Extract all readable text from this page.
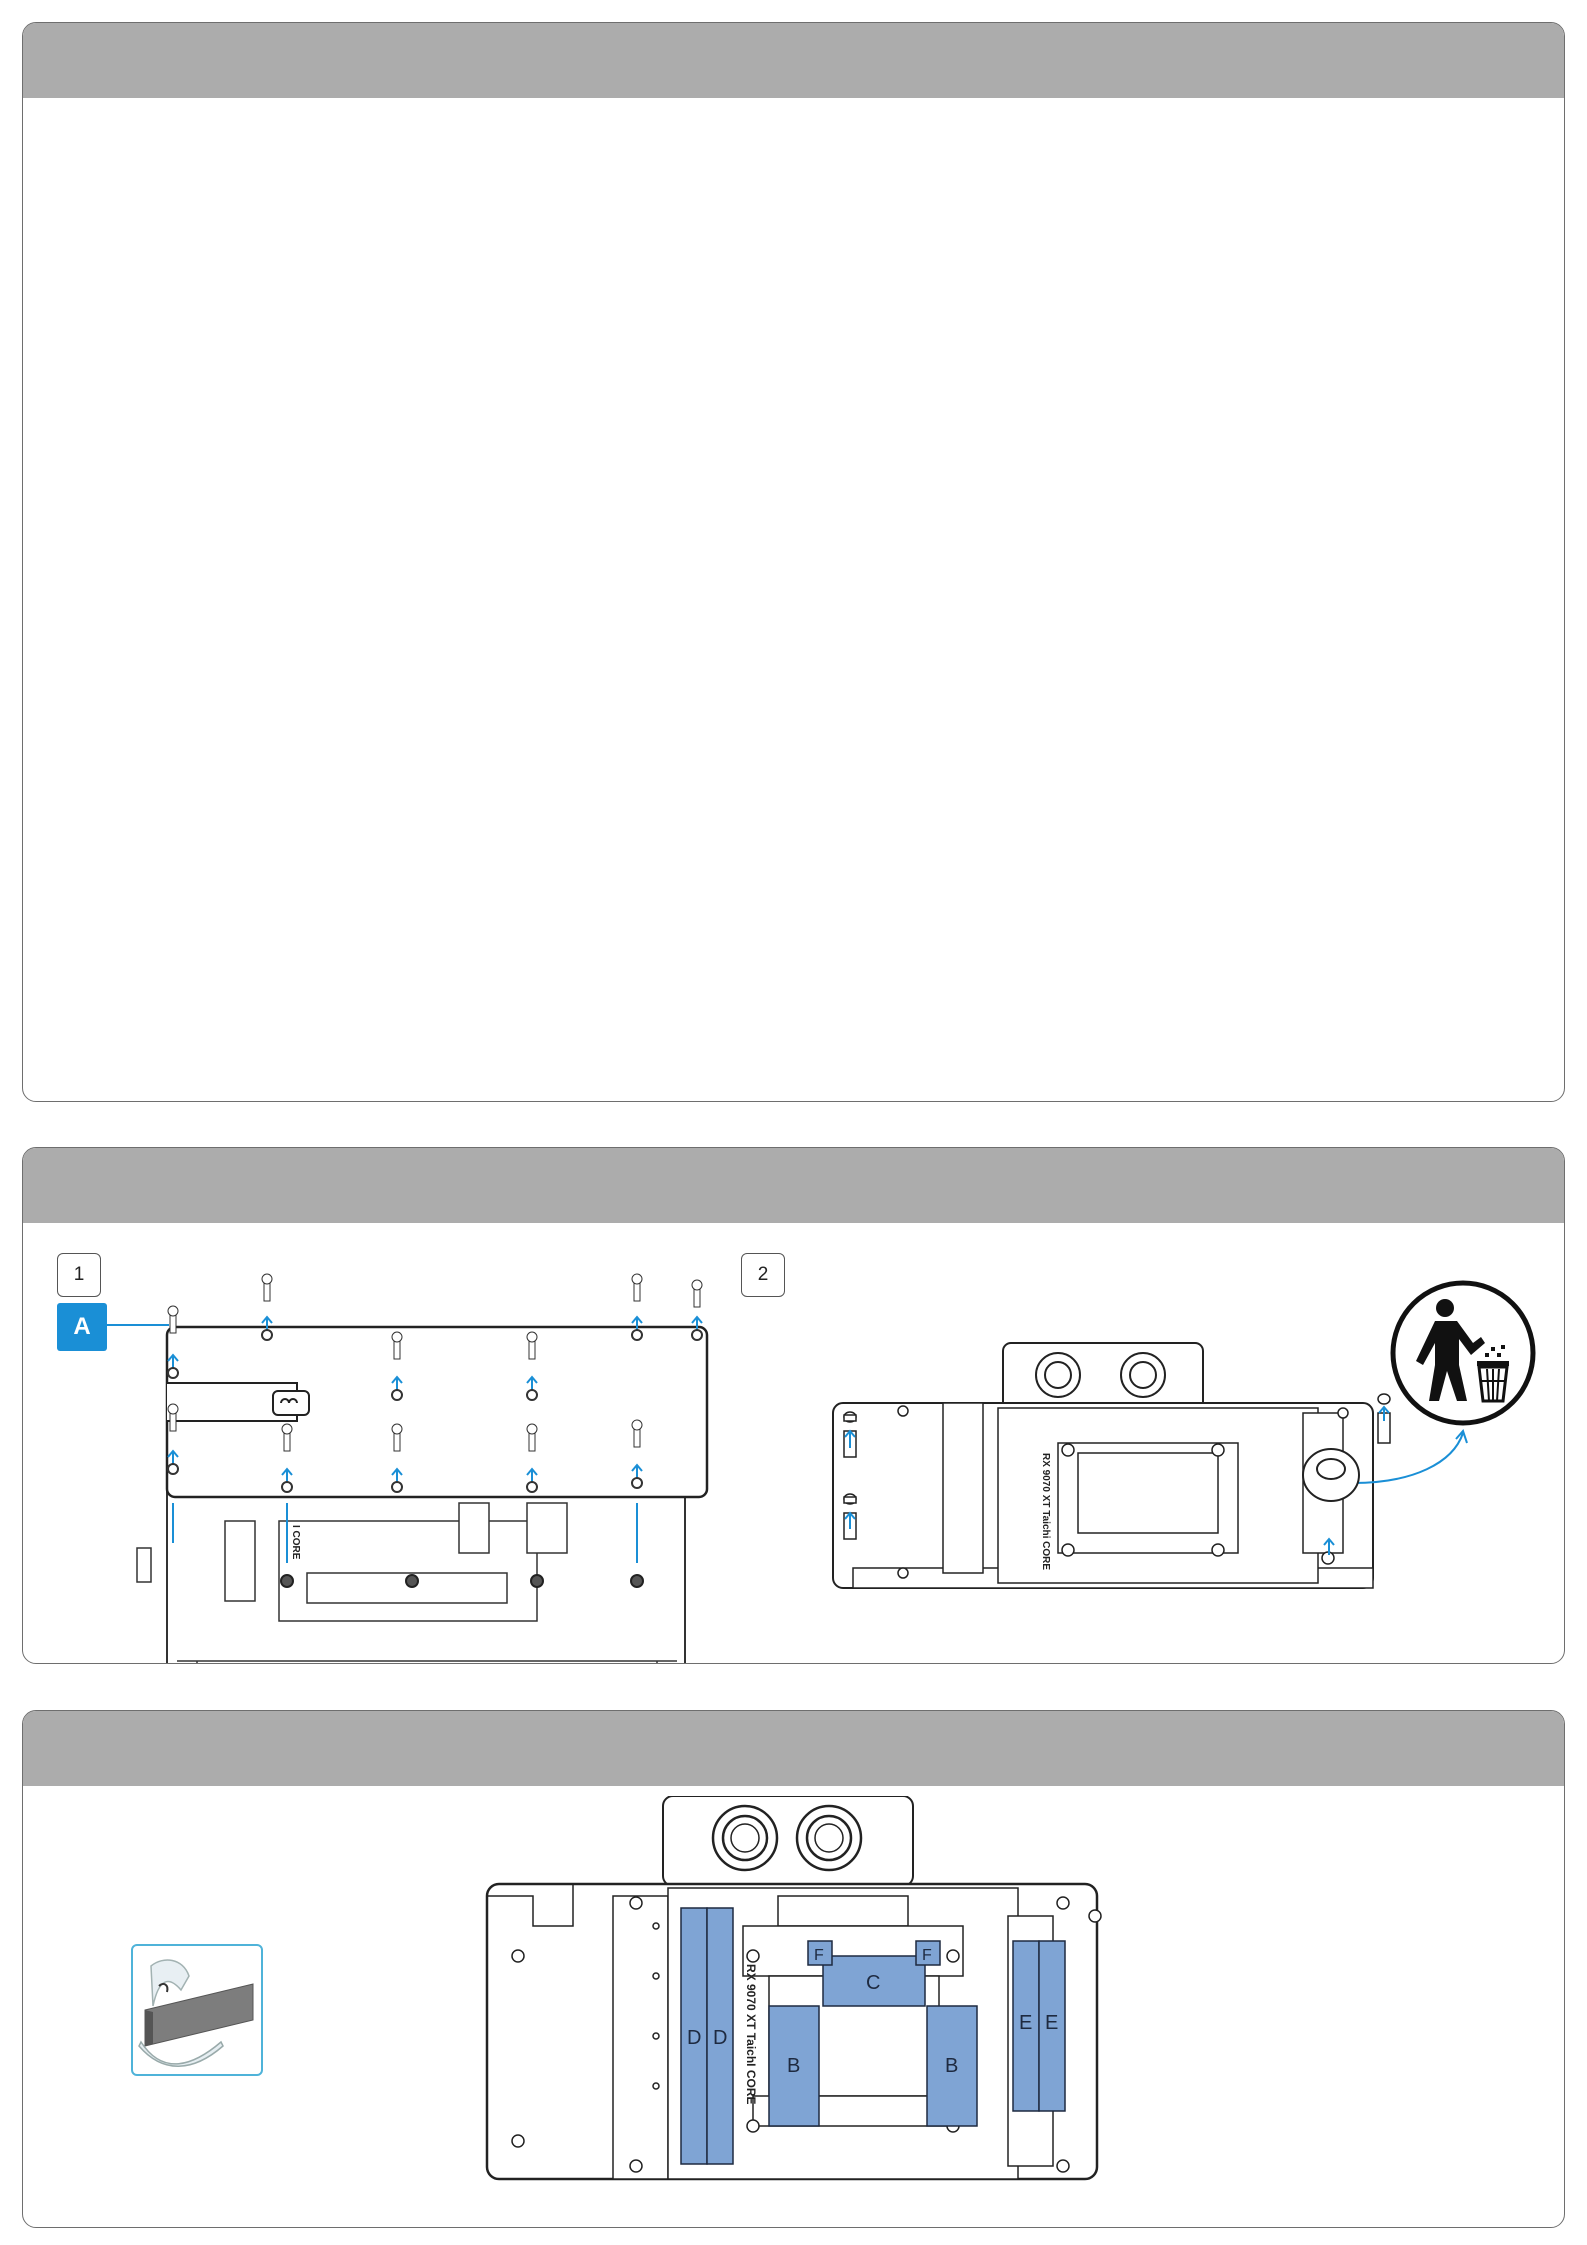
1
A
2
I CORE	RX 9070 XT Taichi CORE
RX 9070 XT TaichI CORE
D D
C
F	F
B	B
E E
